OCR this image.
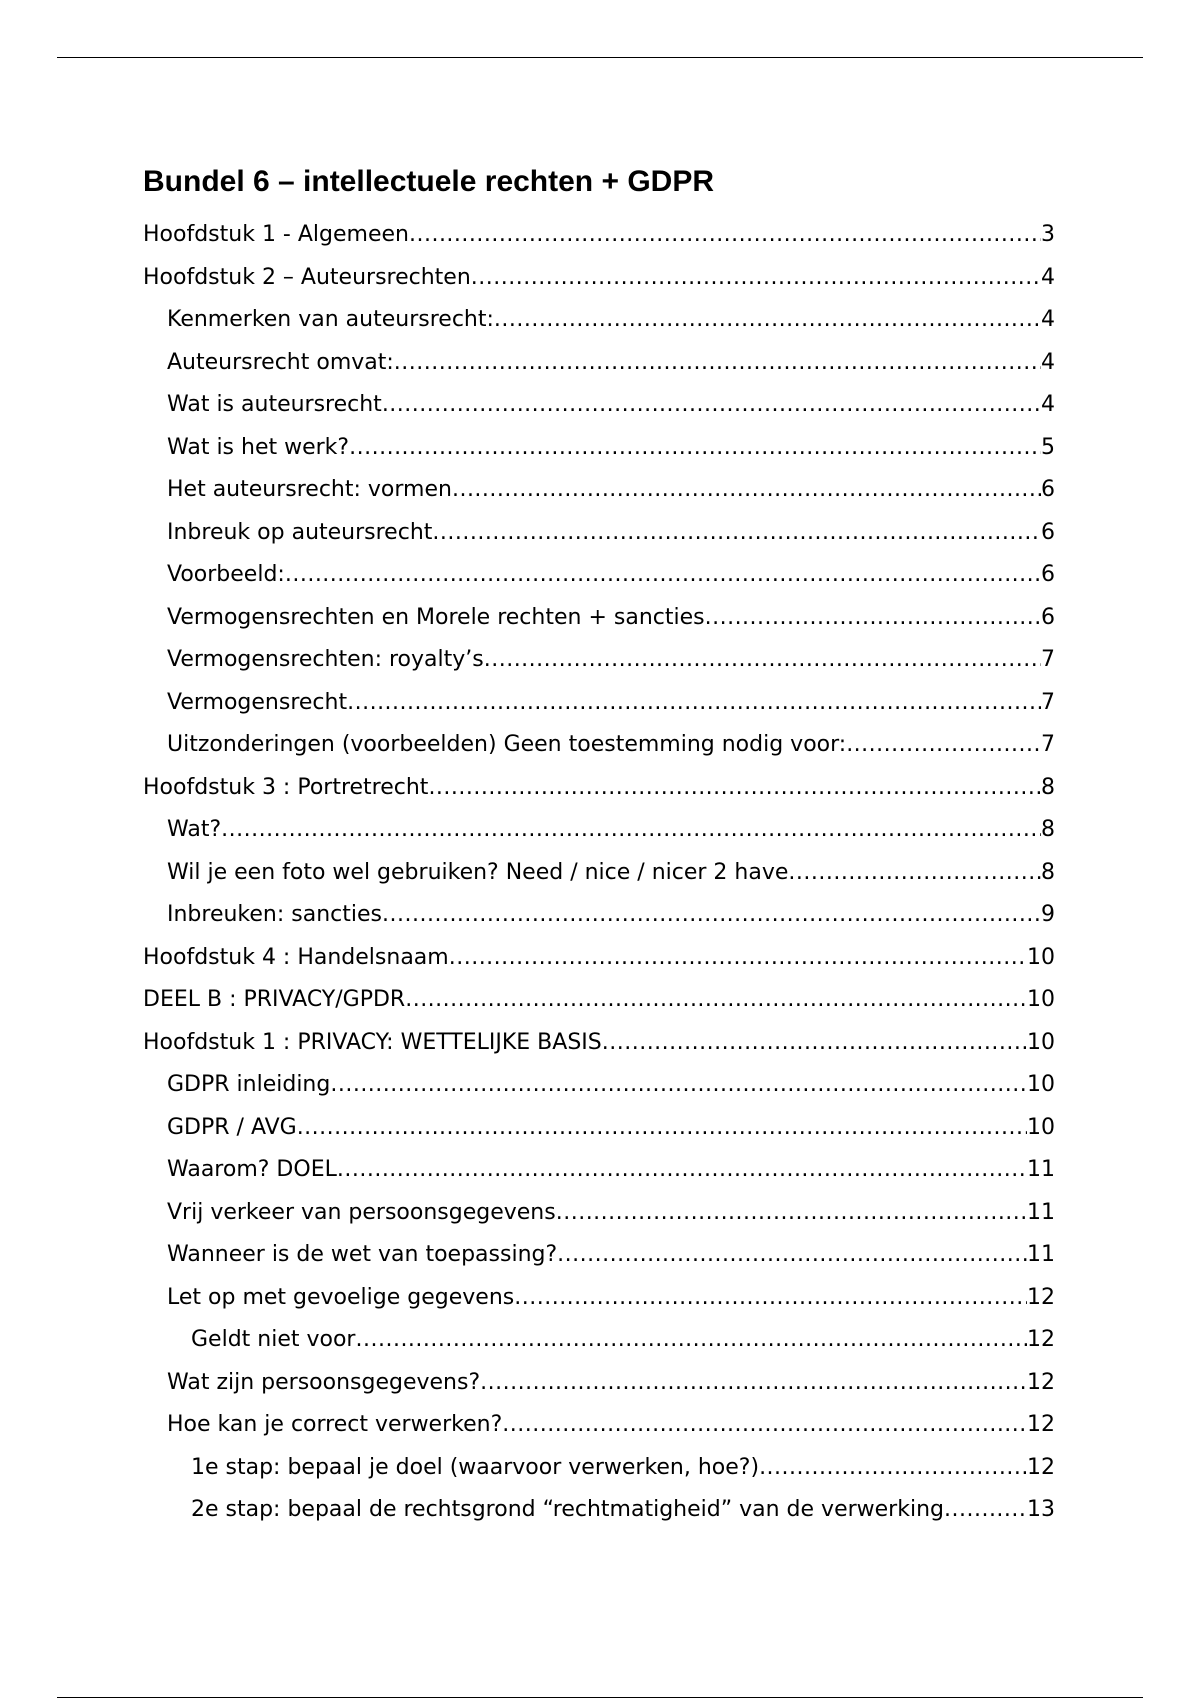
Bundel 6 – intellectuele rechten + GDPR
Hoofdstuk 1 - Algemeen .....	3
Hoofdstuk 2 – Auteursrechten .....	4
Kenmerken van auteursrecht: .....	4
Auteursrecht omvat: .....	4
Wat is auteursrecht .....	4
Wat is het werk? .....	5
Het auteursrecht: vormen .....	6
Inbreuk op auteursrecht .....	6
Voorbeeld: .....	6
Vermogensrechten en Morele rechten + sancties .....	6
Vermogensrechten: royalty’s .....	7
Vermogensrecht .....	7
Uitzonderingen (voorbeelden) Geen toestemming nodig voor: .....	7
Hoofdstuk 3 : Portretrecht .....	8
Wat? .....	8
Wil je een foto wel gebruiken? Need / nice / nicer 2 have .....	8
Inbreuken: sancties .....	9
Hoofdstuk 4 : Handelsnaam .....	10
DEEL B : PRIVACY/GPDR .....	10
Hoofdstuk 1 : PRIVACY: WETTELIJKE BASIS .....	10
GDPR inleiding .....	10
GDPR / AVG .....	10
Waarom? DOEL .....	11
Vrij verkeer van persoonsgegevens .....	11
Wanneer is de wet van toepassing? .....	11
Let op met gevoelige gegevens .....	12
Geldt niet voor .....	12
Wat zijn persoonsgegevens? .....	12
Hoe kan je correct verwerken? .....	12
1e stap: bepaal je doel (waarvoor verwerken, hoe?) .....	12
2e stap: bepaal de rechtsgrond “rechtmatigheid” van de verwerking .....	13
